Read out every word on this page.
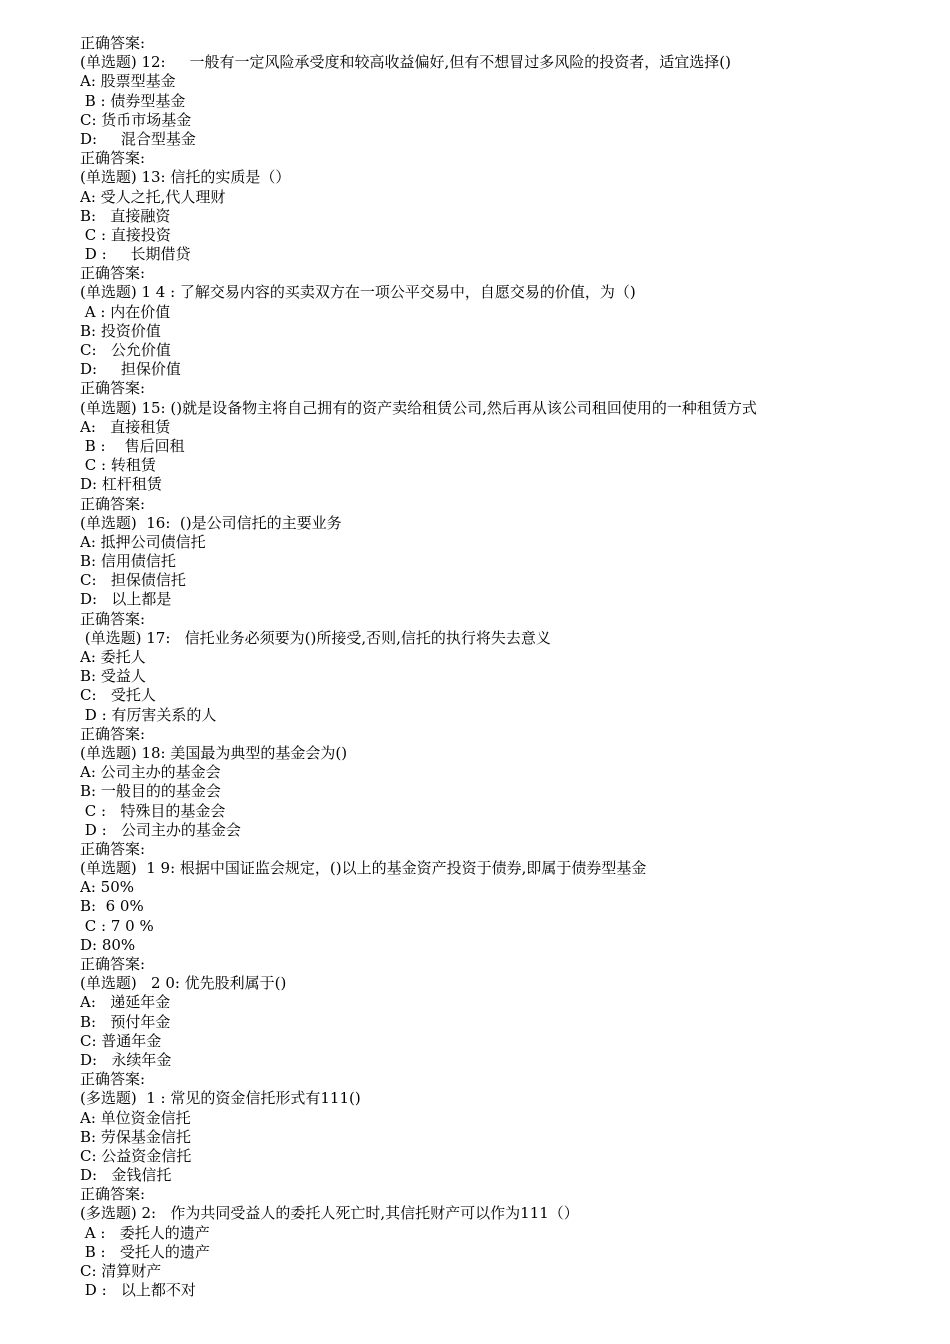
正确答案:
(单选题) 12:     一般有一定风险承受度和较高收益偏好,但有不想冒过多风险的投资者，适宜选择()
A: 股票型基金
B : 债券型基金
C: 货币市场基金
D:     混合型基金
正确答案:
(单选题) 13: 信托的实质是（）
A: 受人之托,代人理财
B:   直接融资
C : 直接投资
D :     长期借贷
正确答案:
(单选题) 1 4 : 了解交易内容的买卖双方在一项公平交易中，自愿交易的价值，为（)
A : 内在价值
B: 投资价值
C:   公允价值
D:     担保价值
正确答案:
(单选题) 15: ()就是设备物主将自己拥有的资产卖给租赁公司,然后再从该公司租回使用的一种租赁方式
A:   直接租赁
B :    售后回租
C : 转租赁
D: 杠杆租赁
正确答案:
(单选题)  16:  ()是公司信托的主要业务
A: 抵押公司债信托
B: 信用债信托
C:   担保债信托
D:   以上都是
正确答案:
(单选题) 17:   信托业务必须要为()所接受,否则,信托的执行将失去意义
A: 委托人
B: 受益人
C:   受托人
D : 有厉害关系的人
正确答案:
(单选题) 18: 美国最为典型的基金会为()
A: 公司主办的基金会
B: 一般目的的基金会
C :   特殊目的基金会
D :   公司主办的基金会
正确答案:
(单选题)  1 9: 根据中国证监会规定，()以上的基金资产投资于债券,即属于债券型基金
A: 50%
B:  6 0%
C : 7 0 %
D: 80%
正确答案:
(单选题)   2 0: 优先股利属于()
A:   递延年金
B:   预付年金
C: 普通年金
D:   永续年金
正确答案:
(多选题)  1 : 常见的资金信托形式有111()
A: 单位资金信托
B: 劳保基金信托
C: 公益资金信托
D:   金钱信托
正确答案:
(多选题) 2:   作为共同受益人的委托人死亡时,其信托财产可以作为111（）
A :   委托人的遗产
B :   受托人的遗产
C: 清算财产
D :   以上都不对
